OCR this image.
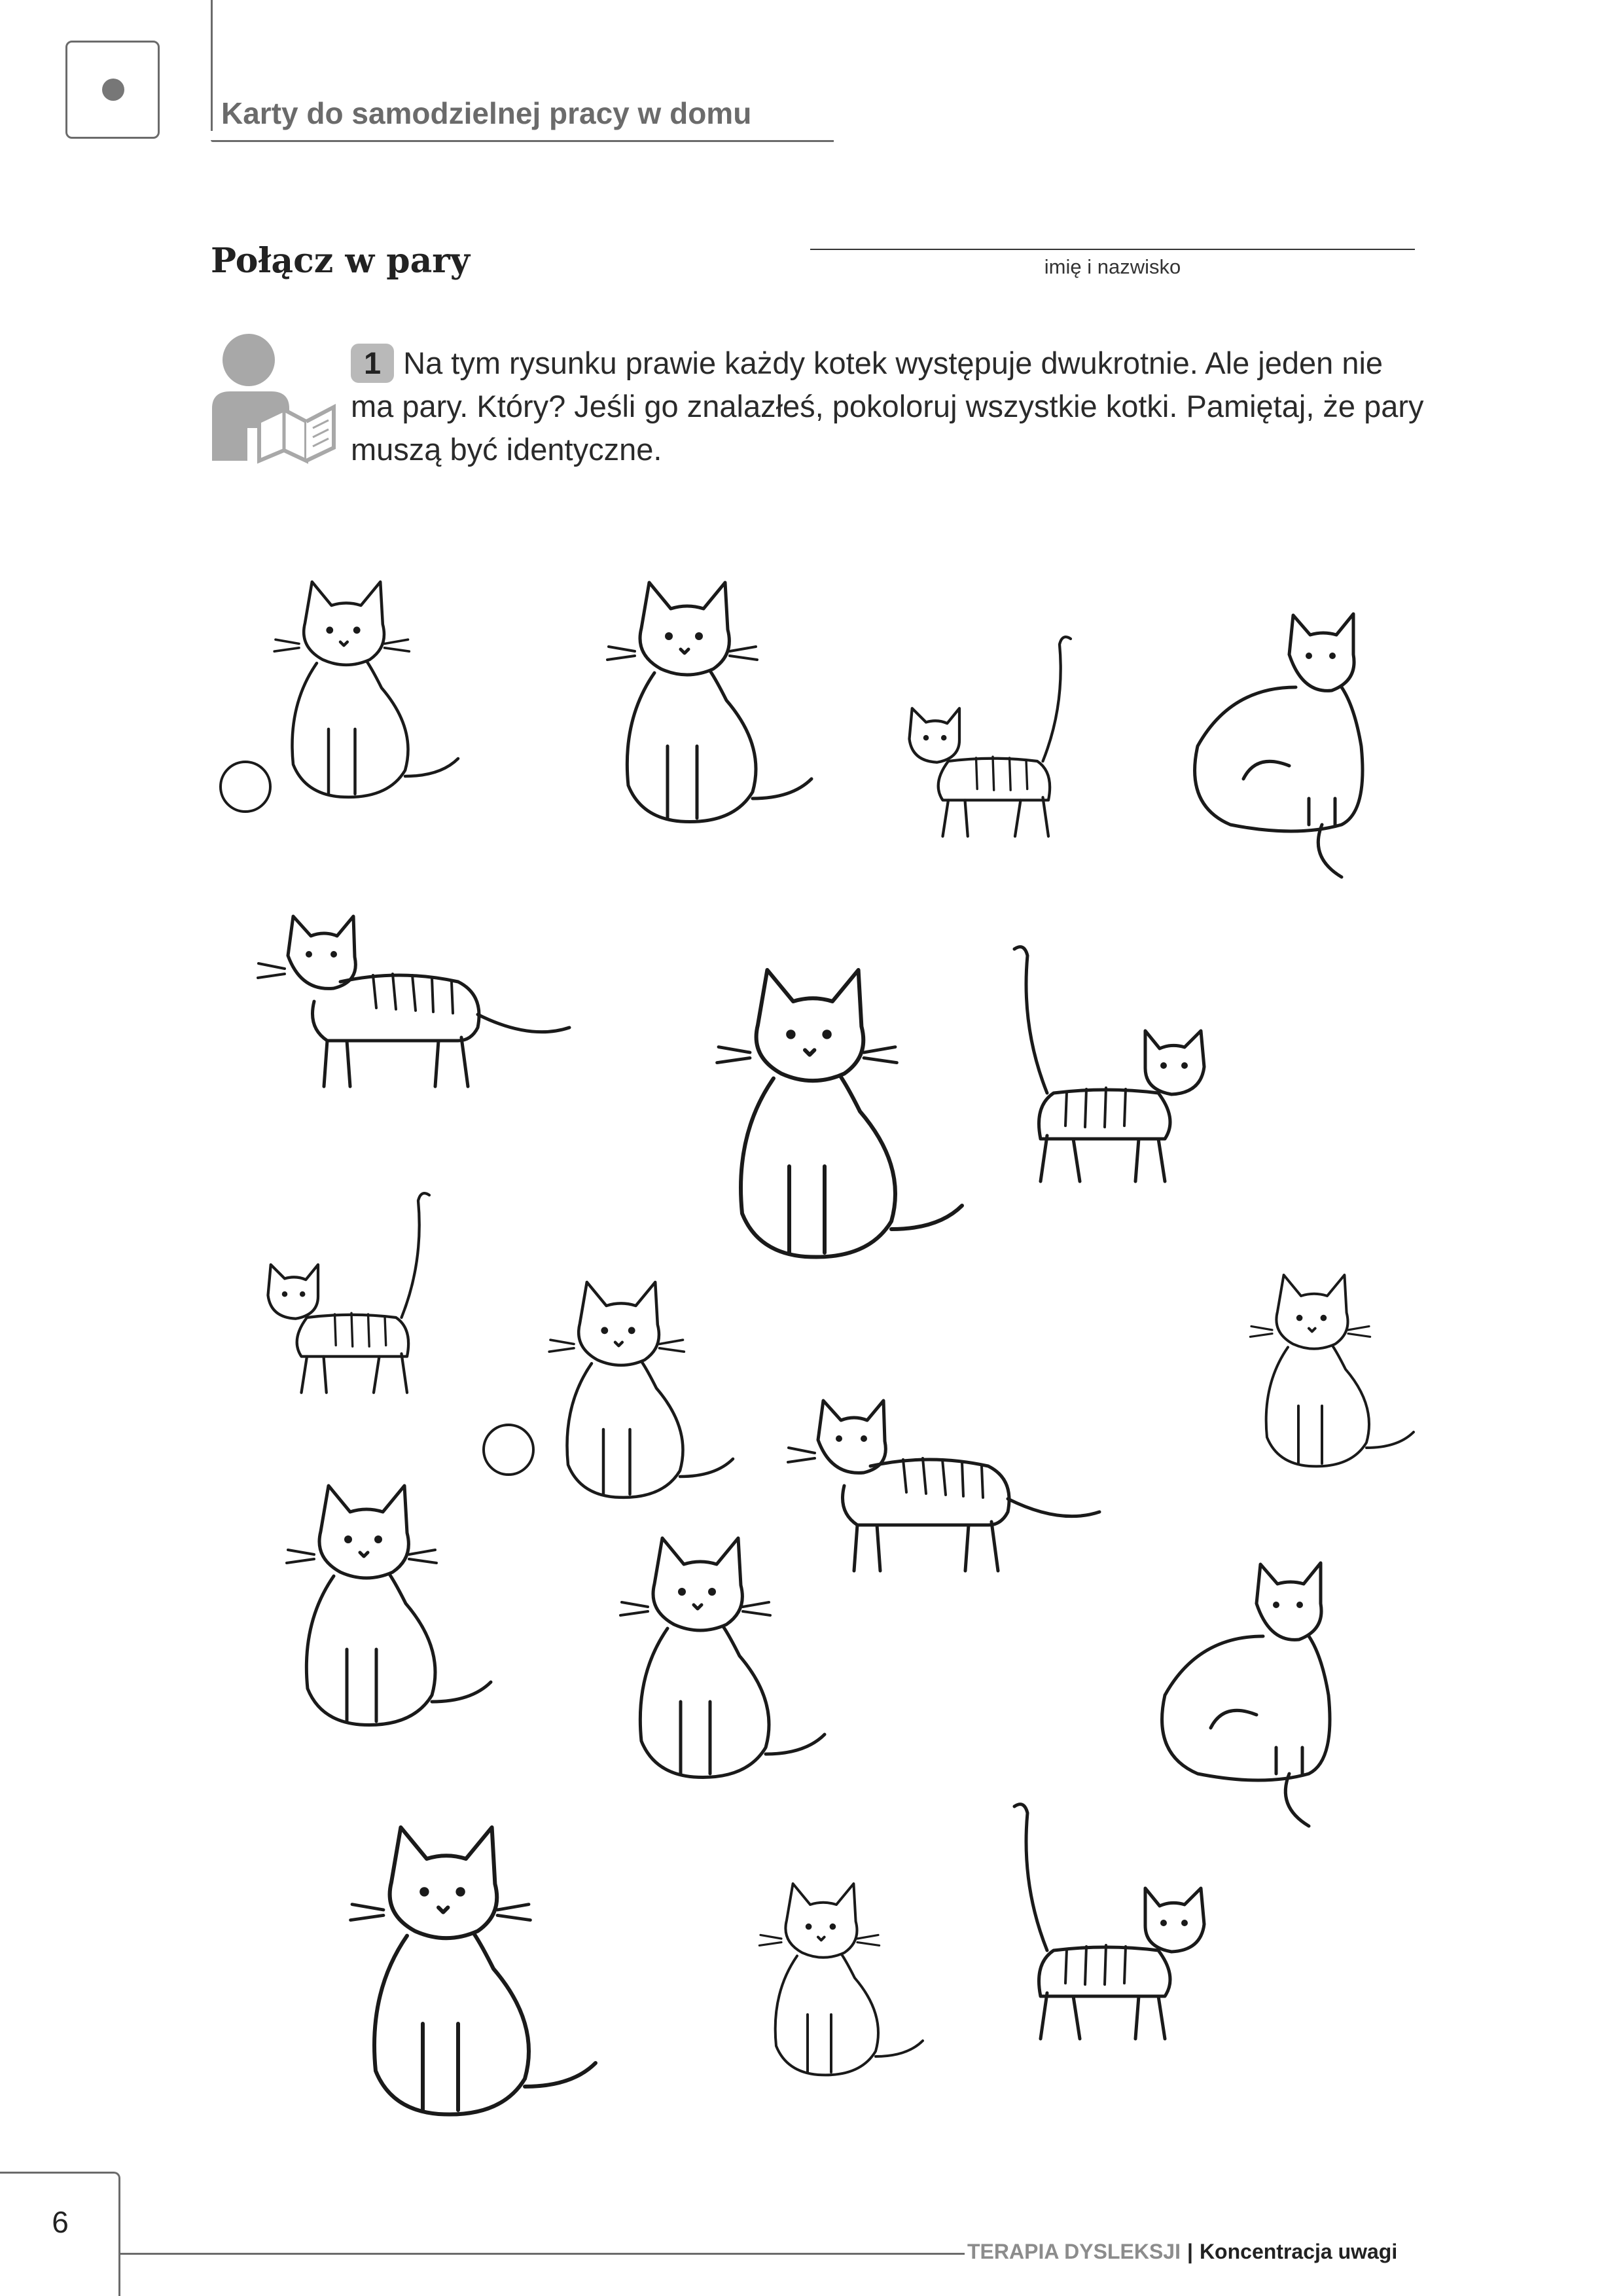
Karty do samodzielnej pracy w domu
Połącz w pary	imię i nazwisko
1 Na tym rysunku prawie każdy kotek występuje dwukrotnie. Ale jeden nie ma pary. Który? Jeśli go znalazłeś, pokoloruj wszystkie kotki. Pamiętaj, że pary muszą być identyczne.
6
TERAPIA DYSLEKSJI | Koncentracja uwagi
